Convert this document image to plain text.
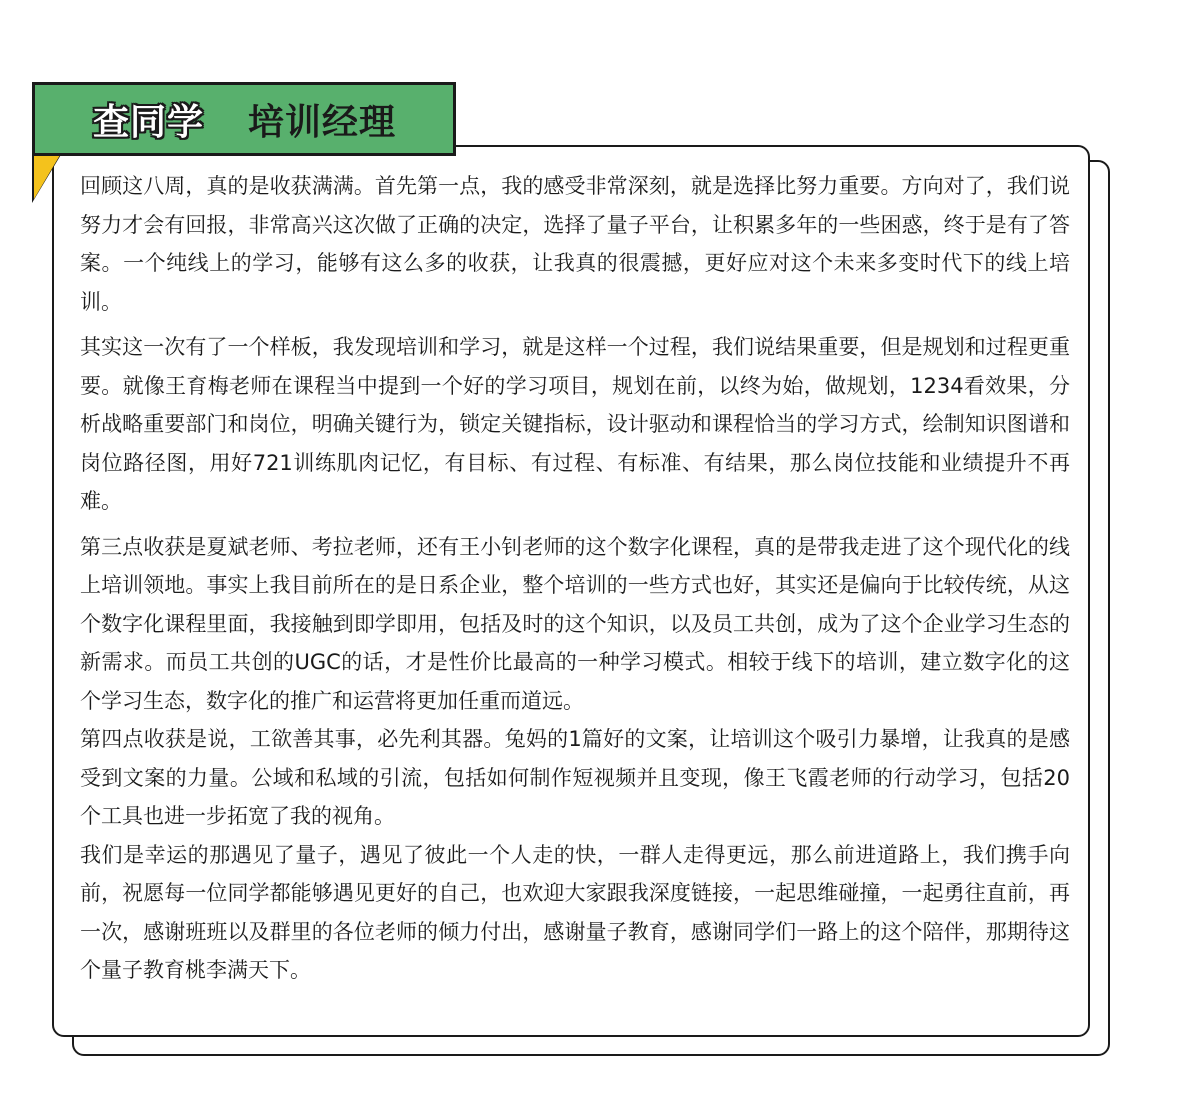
查同学 培训经理

回顾这八周，真的是收获满满。首先第一点，我的感受非常深刻，就是选择比努力重要。方向对了，我们说努力才会有回报，非常高兴这次做了正确的决定，选择了量子平台，让积累多年的一些困惑，终于是有了答案。一个纯线上的学习，能够有这么多的收获，让我真的很震撼，更好应对这个未来多变时代下的线上培训。

其实这一次有了一个样板，我发现培训和学习，就是这样一个过程，我们说结果重要，但是规划和过程更重要。就像王育梅老师在课程当中提到一个好的学习项目，规划在前，以终为始，做规划，1234看效果，分析战略重要部门和岗位，明确关键行为，锁定关键指标，设计驱动和课程恰当的学习方式，绘制知识图谱和岗位路径图，用好721训练肌肉记忆，有目标、有过程、有标准、有结果，那么岗位技能和业绩提升不再难。

第三点收获是夏斌老师、考拉老师，还有王小钊老师的这个数字化课程，真的是带我走进了这个现代化的线上培训领地。事实上我目前所在的是日系企业，整个培训的一些方式也好，其实还是偏向于比较传统，从这个数字化课程里面，我接触到即学即用，包括及时的这个知识，以及员工共创，成为了这个企业学习生态的新需求。而员工共创的UGC的话，才是性价比最高的一种学习模式。相较于线下的培训，建立数字化的这个学习生态，数字化的推广和运营将更加任重而道远。

第四点收获是说，工欲善其事，必先利其器。兔妈的1篇好的文案，让培训这个吸引力暴增，让我真的是感受到文案的力量。公域和私域的引流，包括如何制作短视频并且变现，像王飞霞老师的行动学习，包括20个工具也进一步拓宽了我的视角。

我们是幸运的那遇见了量子，遇见了彼此一个人走的快，一群人走得更远，那么前进道路上，我们携手向前，祝愿每一位同学都能够遇见更好的自己，也欢迎大家跟我深度链接，一起思维碰撞，一起勇往直前，再一次，感谢班班以及群里的各位老师的倾力付出，感谢量子教育，感谢同学们一路上的这个陪伴，那期待这个量子教育桃李满天下。
